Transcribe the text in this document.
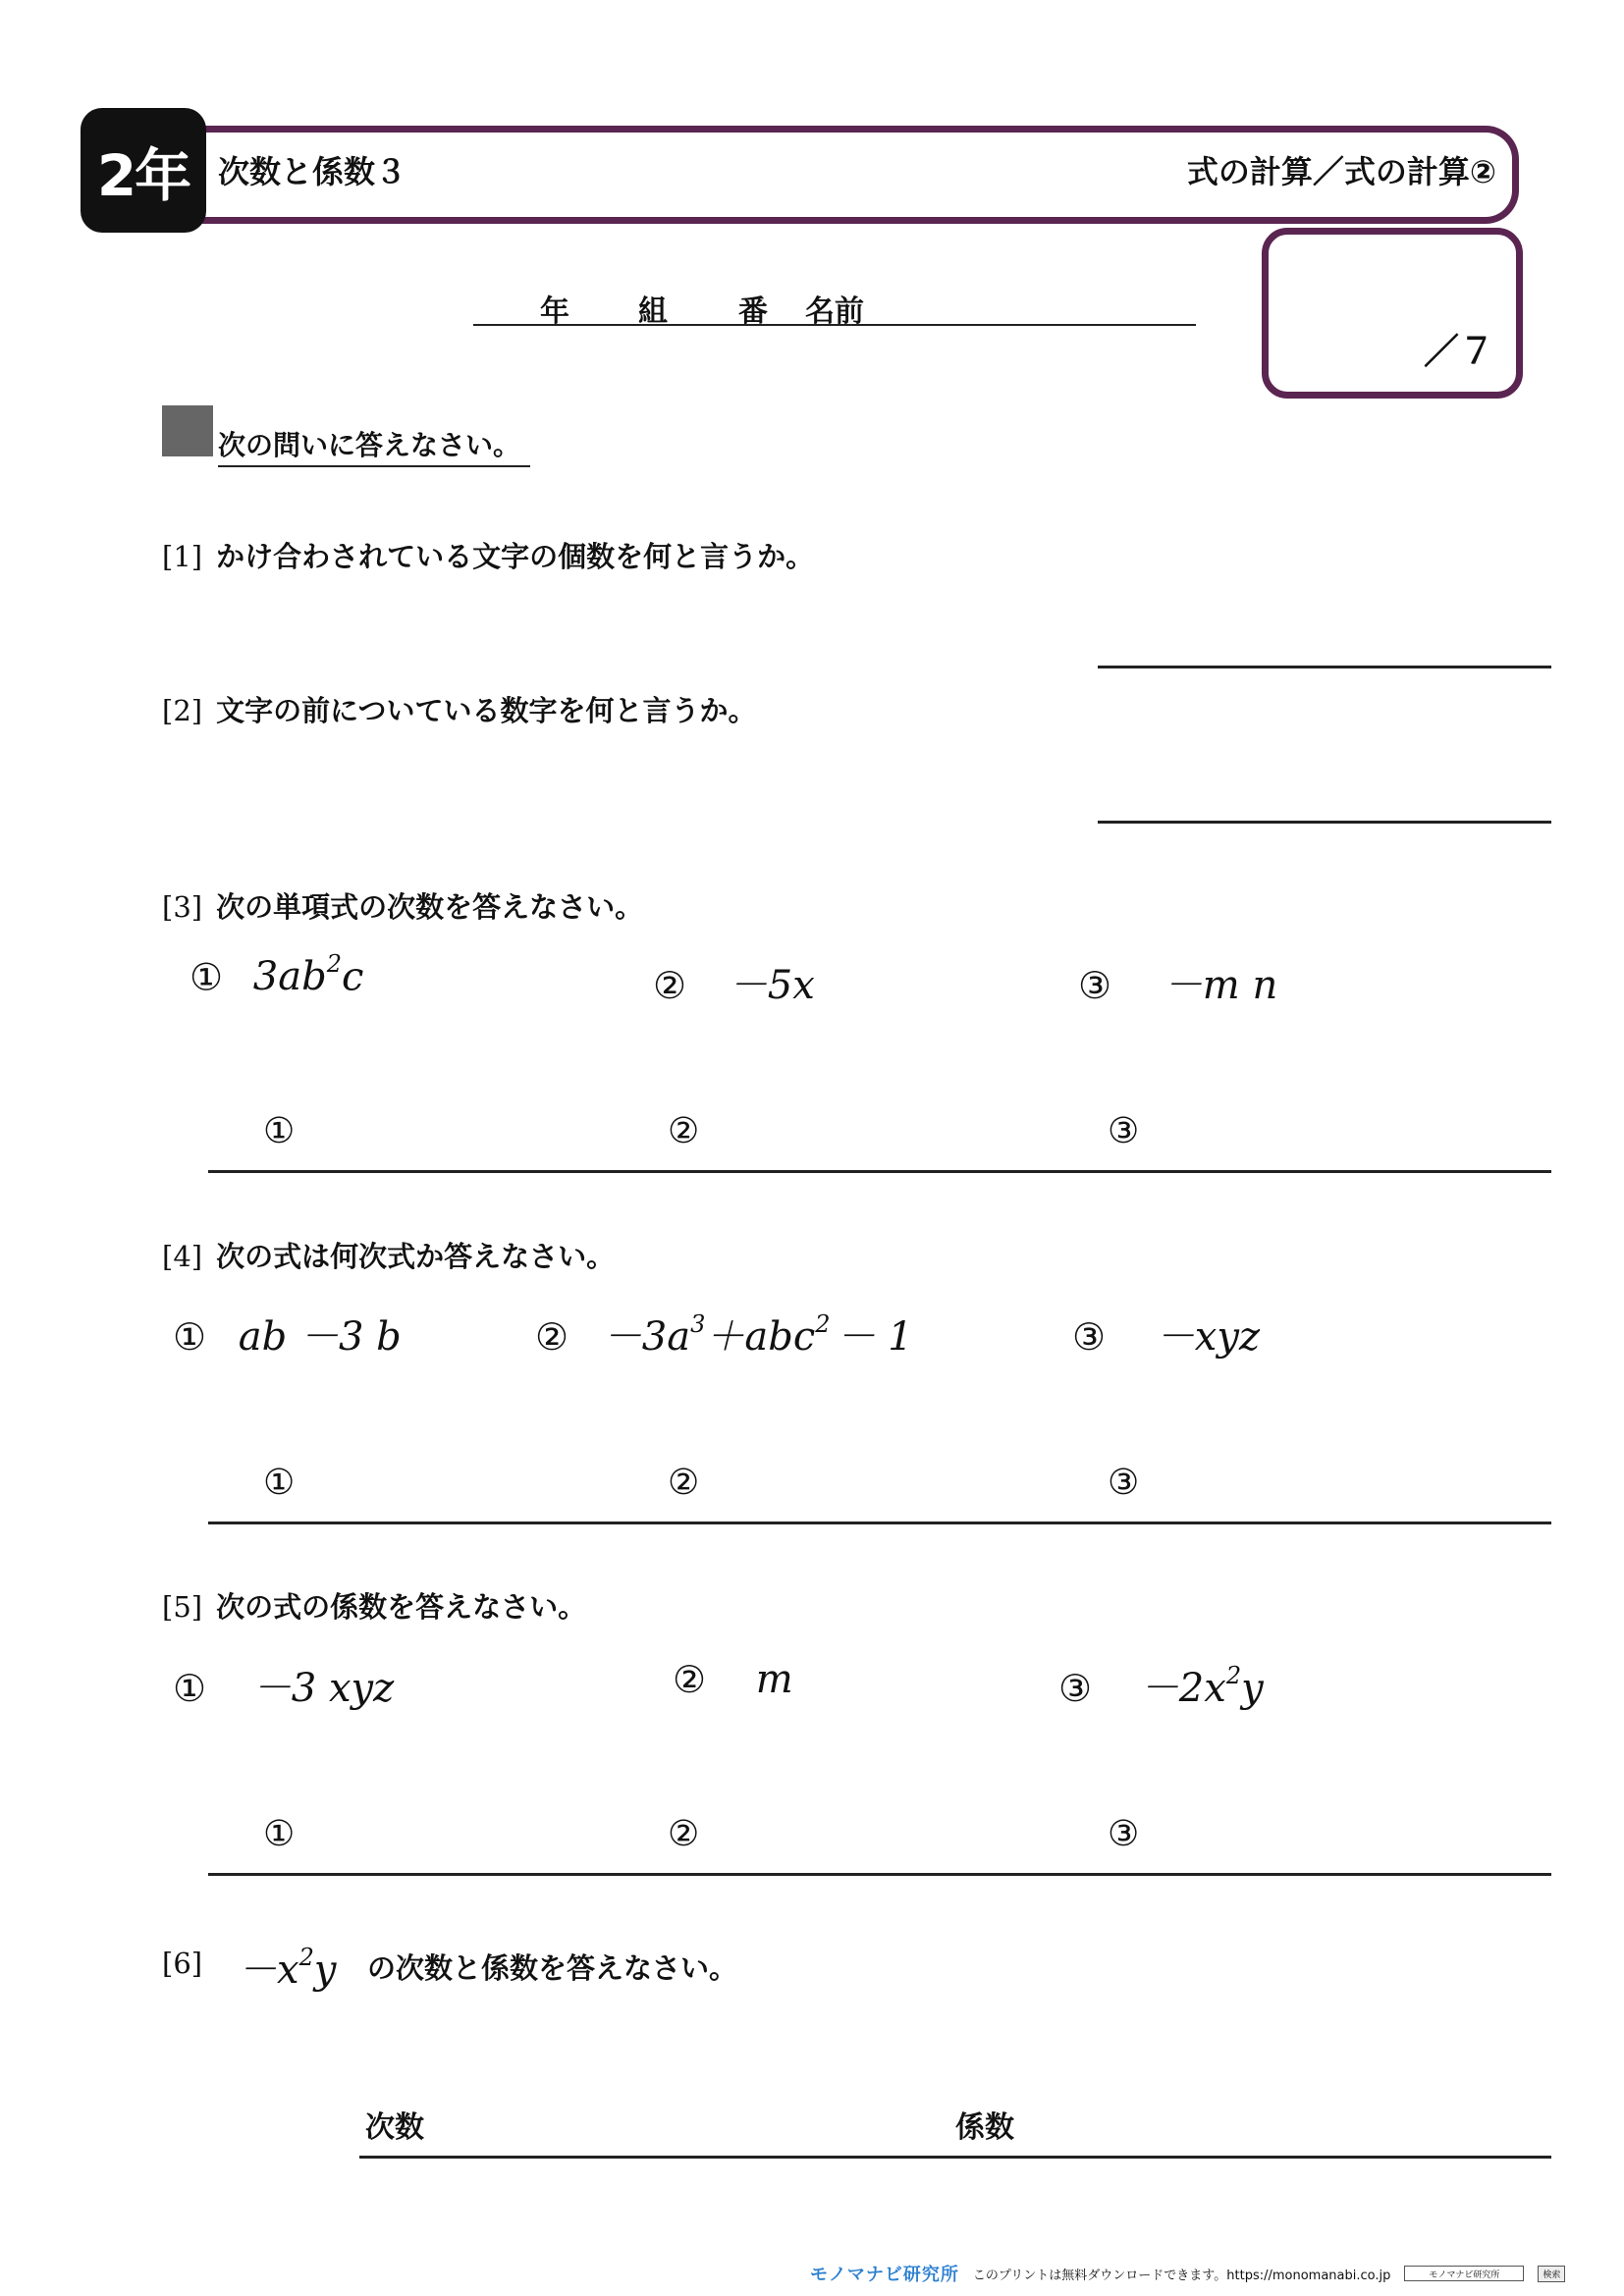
2年 次数と係数３	式の計算／式の計算②
年 組 番 名前
／７
次の問いに答えなさい。
[1] かけ合わされている文字の個数を何と言うか。
[2] 文字の前についている数字を何と言うか。
[3] 次の単項式の次数を答えなさい。
① $3ab^2c$	② －5x	③ －m n
①	②	③
[4] 次の式は何次式か答えなさい。
① ab －3 b	② $-3a^3+abc^2 - 1$	③ －xyz
①	②	③
[5] 次の式の係数を答えなさい。
① －3 xyz	② m	③ $-2x^2y$
①	②	③
$[6] -x^2y$ の次数と係数を答えなさい。
次数	係数
モノマナビ研究所 このプリントは無料ダウンロードできます。https://monomanabi.co.jp	モノマナビ研究所	検索
